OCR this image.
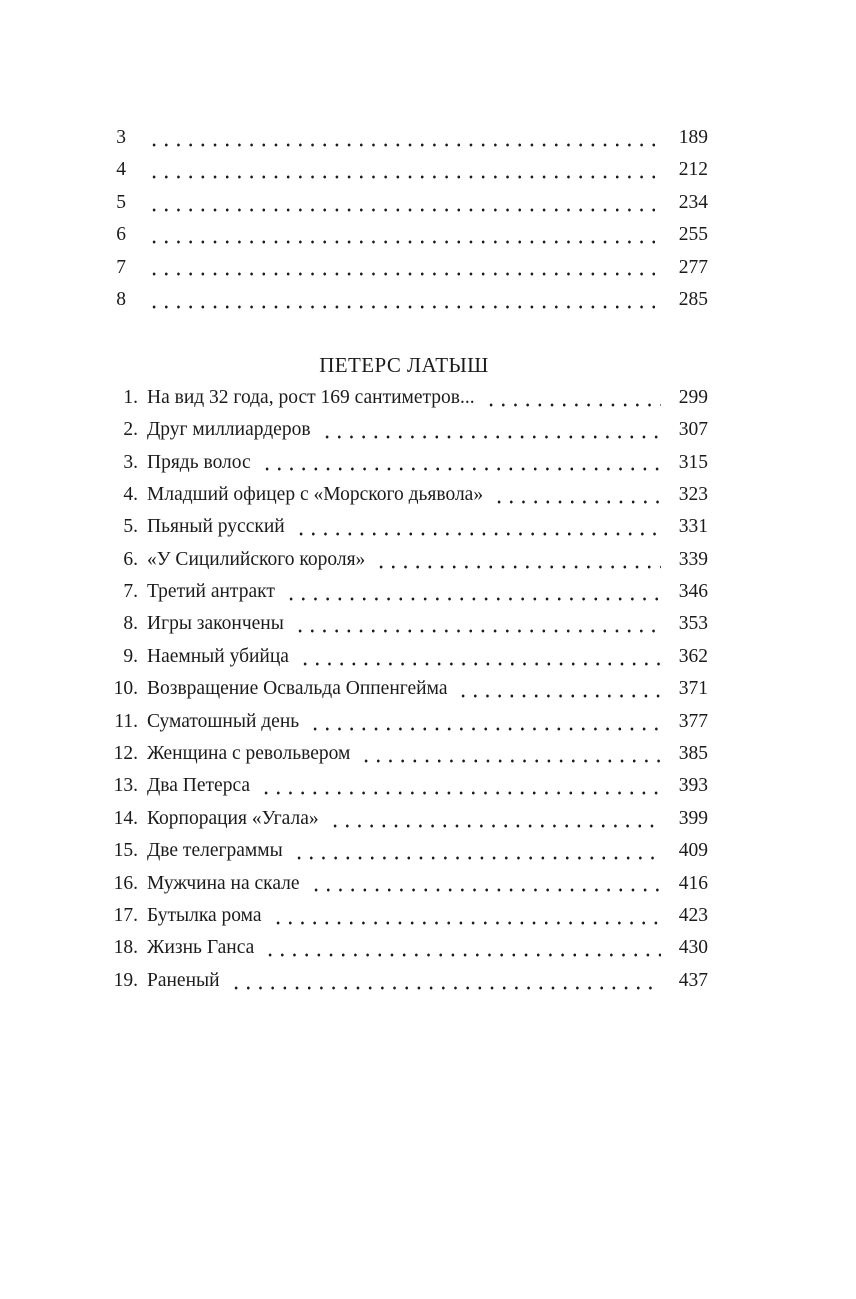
3	189
4	212
5	234
6	255
7	277
8	285
ПЕТЕРС ЛАТЫШ
1. На вид 32 года, рост 169 сантиметров...	299
2. Друг миллиардеров	307
3. Прядь волос	315
4. Младший офицер с «Морского дьявола»	323
5. Пьяный русский	331
6. «У Сицилийского короля»	339
7. Третий антракт	346
8. Игры закончены	353
9. Наемный убийца	362
10. Возвращение Освальда Оппенгейма	371
11. Суматошный день	377
12. Женщина с револьвером	385
13. Два Петерса	393
14. Корпорация «Угала»	399
15. Две телеграммы	409
16. Мужчина на скале	416
17. Бутылка рома	423
18. Жизнь Ганса	430
19. Раненый	437
